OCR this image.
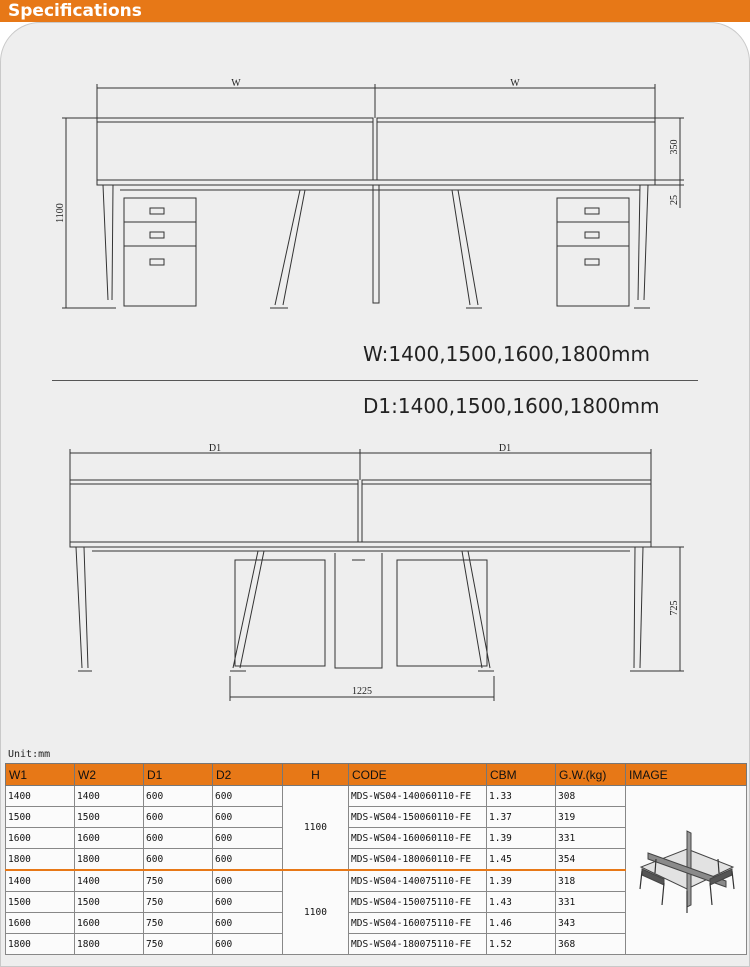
Specifications
W	W
350
25
1100
D1	D1
725
1225
W:1400,1500,1600,1800mm
D1:1400,1500,1600,1800mm
Unit:mm
W1	W2	D1	D2	H	CODE	CBM	G.W.(kg)	IMAGE
1400	1400	600	600	1100	MDS-WS04-140060110-FE	1.33	308	
1500	1500	600	600		MDS-WS04-150060110-FE	1.37	319	
1600	1600	600	600		MDS-WS04-160060110-FE	1.39	331	
1800	1800	600	600		MDS-WS04-180060110-FE	1.45	354	
1400	1400	750	600	1100	MDS-WS04-140075110-FE	1.39	318	
1500	1500	750	600		MDS-WS04-150075110-FE	1.43	331	
1600	1600	750	600		MDS-WS04-160075110-FE	1.46	343	
1800	1800	750	600		MDS-WS04-180075110-FE	1.52	368	
